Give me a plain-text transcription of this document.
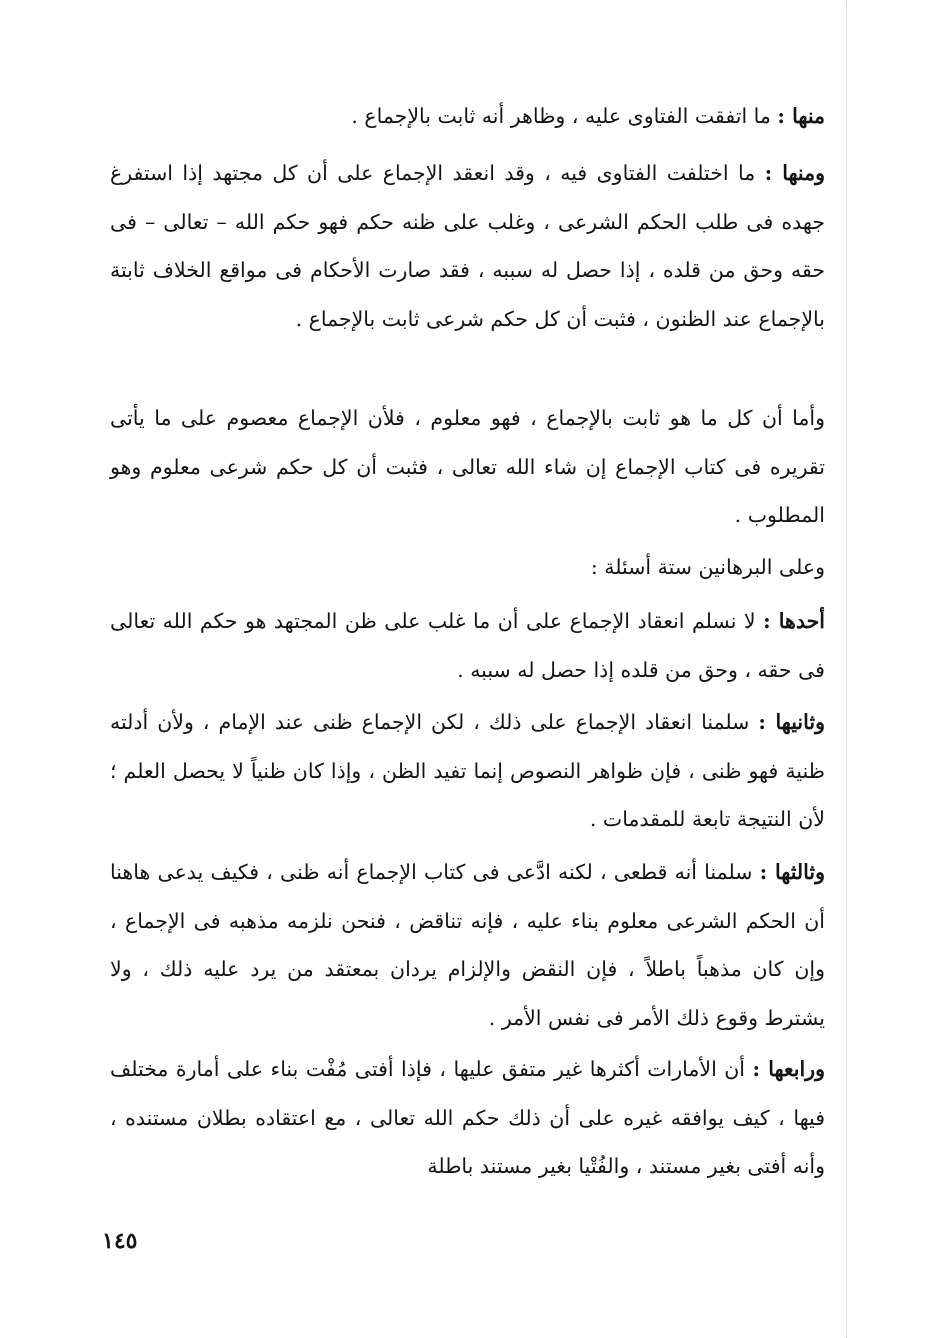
منها : ما اتفقت الفتاوى عليه ، وظاهر أنه ثابت بالإجماع .

ومنها : ما اختلفت الفتاوى فيه ، وقد انعقد الإجماع على أن كل مجتهد إذا استفرغ جهده فى طلب الحكم الشرعى ، وغلب على ظنه حكم فهو حكم الله – تعالى – فى حقه وحق من قلده ، إذا حصل له سببه ، فقد صارت الأحكام فى مواقع الخلاف ثابتة بالإجماع عند الظنون ، فثبت أن كل حكم شرعى ثابت بالإجماع .

وأما أن كل ما هو ثابت بالإجماع ، فهو معلوم ، فلأن الإجماع معصوم على ما يأتى تقريره فى كتاب الإجماع إن شاء الله تعالى ، فثبت أن كل حكم شرعى معلوم وهو المطلوب .

وعلى البرهانين ستة أسئلة :

أحدها : لا نسلم انعقاد الإجماع على أن ما غلب على ظن المجتهد هو حكم الله تعالى فى حقه ، وحق من قلده إذا حصل له سببه .

وثانيها : سلمنا انعقاد الإجماع على ذلك ، لكن الإجماع ظنى عند الإمام ، ولأن أدلته ظنية فهو ظنى ، فإن ظواهر النصوص إنما تفيد الظن ، وإذا كان ظنياً لا يحصل العلم ؛ لأن النتيجة تابعة للمقدمات .

وثالثها : سلمنا أنه قطعى ، لكنه ادَّعى فى كتاب الإجماع أنه ظنى ، فكيف يدعى هاهنا أن الحكم الشرعى معلوم بناء عليه ، فإنه تناقض ، فنحن نلزمه مذهبه فى الإجماع ، وإن كان مذهباً باطلاً ، فإن النقض والإلزام يردان بمعتقد من يرد عليه ذلك ، ولا يشترط وقوع ذلك الأمر فى نفس الأمر .

ورابعها : أن الأمارات أكثرها غير متفق عليها ، فإذا أفتى مُفْت بناء على أمارة مختلف فيها ، كيف يوافقه غيره على أن ذلك حكم الله تعالى ، مع اعتقاده بطلان مستنده ، وأنه أفتى بغير مستند ، والفُتْيا بغير مستند باطلة

١٤٥
